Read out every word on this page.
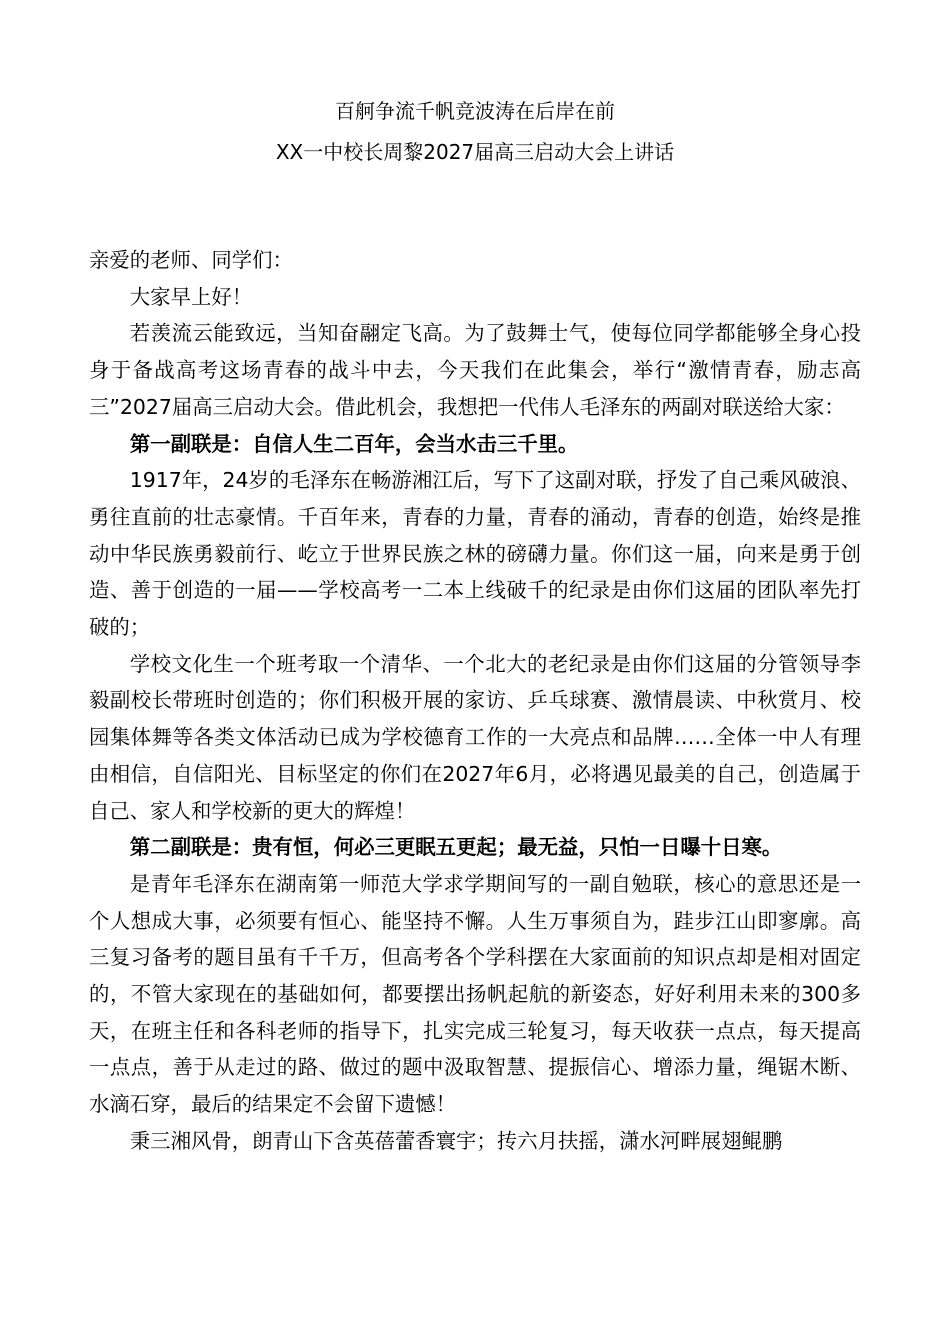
百舸争流千帆竞波涛在后岸在前
XX一中校长周黎2027届高三启动大会上讲话

亲爱的老师、同学们：

大家早上好！

若羡流云能致远，当知奋翮定飞高。为了鼓舞士气，使每位同学都能够全身心投身于备战高考这场青春的战斗中去，今天我们在此集会，举行“激情青春，励志高三”2027届高三启动大会。借此机会，我想把一代伟人毛泽东的两副对联送给大家：

第一副联是：自信人生二百年，会当水击三千里。

1917年，24岁的毛泽东在畅游湘江后，写下了这副对联，抒发了自己乘风破浪、勇往直前的壮志豪情。千百年来，青春的力量，青春的涌动，青春的创造，始终是推动中华民族勇毅前行、屹立于世界民族之林的磅礴力量。你们这一届，向来是勇于创造、善于创造的一届——学校高考一二本上线破千的纪录是由你们这届的团队率先打破的；

学校文化生一个班考取一个清华、一个北大的老纪录是由你们这届的分管领导李毅副校长带班时创造的；你们积极开展的家访、乒乓球赛、激情晨读、中秋赏月、校园集体舞等各类文体活动已成为学校德育工作的一大亮点和品牌……全体一中人有理由相信，自信阳光、目标坚定的你们在2027年6月，必将遇见最美的自己，创造属于自己、家人和学校新的更大的辉煌！

第二副联是：贵有恒，何必三更眠五更起；最无益，只怕一日曝十日寒。

是青年毛泽东在湖南第一师范大学求学期间写的一副自勉联，核心的意思还是一个人想成大事，必须要有恒心、能坚持不懈。人生万事须自为，跬步江山即寥廓。高三复习备考的题目虽有千千万，但高考各个学科摆在大家面前的知识点却是相对固定的，不管大家现在的基础如何，都要摆出扬帆起航的新姿态，好好利用未来的300多天，在班主任和各科老师的指导下，扎实完成三轮复习，每天收获一点点，每天提高一点点，善于从走过的路、做过的题中汲取智慧、提振信心、增添力量，绳锯木断、水滴石穿，最后的结果定不会留下遗憾！

秉三湘风骨，朗青山下含英蓓蕾香寰宇；抟六月扶摇，潇水河畔展翅鲲鹏
